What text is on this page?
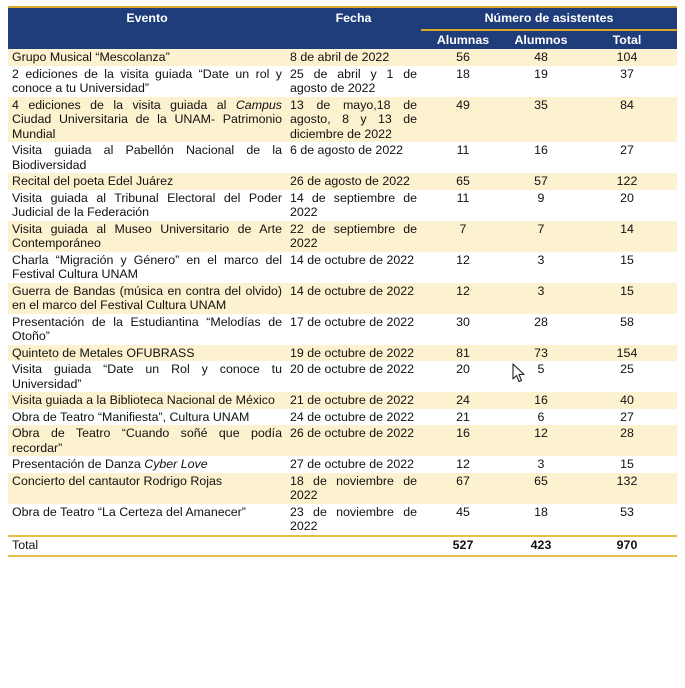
Evento	Fecha	Número de asistentes		
		Alumnas	Alumnos	Total
Grupo Musical “Mescolanza”	8 de abril de 2022	56	48	104
2 ediciones de la visita guiada “Date un rol y conoce a tu Universidad”	25 de abril y 1 de agosto de 2022	18	19	37
4 ediciones de la visita guiada al Campus Ciudad Universitaria de la UNAM- Patrimonio Mundial	13 de mayo,18 de agosto, 8 y 13 de diciembre de 2022	49	35	84
Visita guiada al Pabellón Nacional de la Biodiversidad	6 de agosto de 2022	11	16	27
Recital del poeta Edel Juárez	26 de agosto de 2022	65	57	122
Visita guiada al Tribunal Electoral del Poder Judicial de la Federación	14 de septiembre de 2022	11	9	20
Visita guiada al Museo Universitario de Arte Contemporáneo	22 de septiembre de 2022	7	7	14
Charla “Migración y Género” en el marco del Festival Cultura UNAM	14 de octubre de 2022	12	3	15
Guerra de Bandas (música en contra del olvido) en el marco del Festival Cultura UNAM	14 de octubre de 2022	12	3	15
Presentación de la Estudiantina “Melodías de Otoño”	17 de octubre de 2022	30	28	58
Quinteto de Metales OFUBRASS	19 de octubre de 2022	81	73	154
Visita guiada “Date un Rol y conoce tu Universidad”	20 de octubre de 2022	20	5	25
Visita guiada a la Biblioteca Nacional de México	21 de octubre de 2022	24	16	40
Obra de Teatro “Manifiesta”, Cultura UNAM	24 de octubre de 2022	21	6	27
Obra de Teatro “Cuando soñé que podía recordar”	26 de octubre de 2022	16	12	28
Presentación de Danza Cyber Love	27 de octubre de 2022	12	3	15
Concierto del cantautor Rodrigo Rojas	18 de noviembre de 2022	67	65	132
Obra de Teatro “La Certeza del Amanecer”	23 de noviembre de 2022	45	18	53
Total		527	423	970
